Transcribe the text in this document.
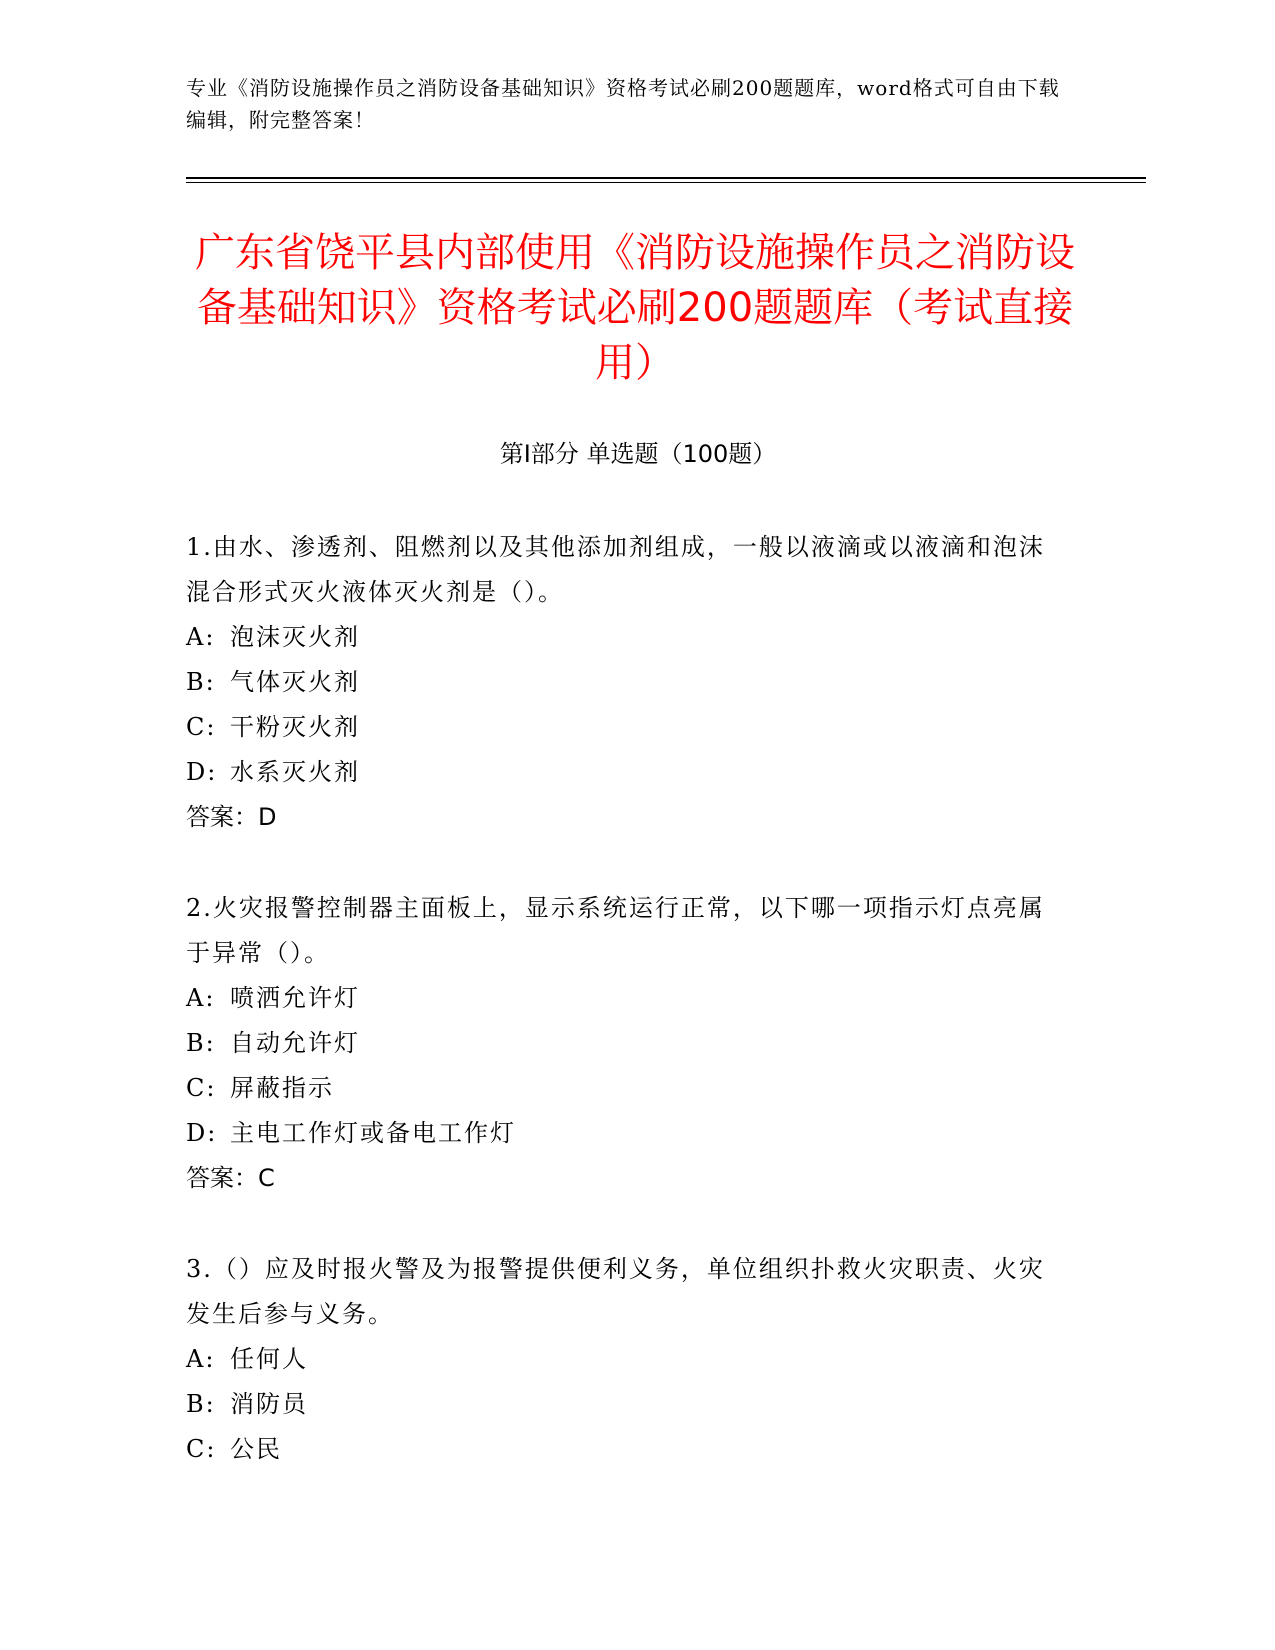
专业《消防设施操作员之消防设备基础知识》资格考试必刷200题题库，word格式可自由下载编辑，附完整答案！
广东省饶平县内部使用《消防设施操作员之消防设备基础知识》资格考试必刷200题题库（考试直接用）
第Ⅰ部分 单选题（100题）

1.由水、渗透剂、阻燃剂以及其他添加剂组成，一般以液滴或以液滴和泡沫混合形式灭火液体灭火剂是（）。

A: 泡沫灭火剂

B: 气体灭火剂

C: 干粉灭火剂

D: 水系灭火剂

答案：D

2.火灾报警控制器主面板上，显示系统运行正常，以下哪一项指示灯点亮属于异常（）。

A: 喷洒允许灯

B: 自动允许灯

C: 屏蔽指示

D: 主电工作灯或备电工作灯

答案：C

3.（）应及时报火警及为报警提供便利义务，单位组织扑救火灾职责、火灾发生后参与义务。

A: 任何人

B: 消防员

C: 公民
